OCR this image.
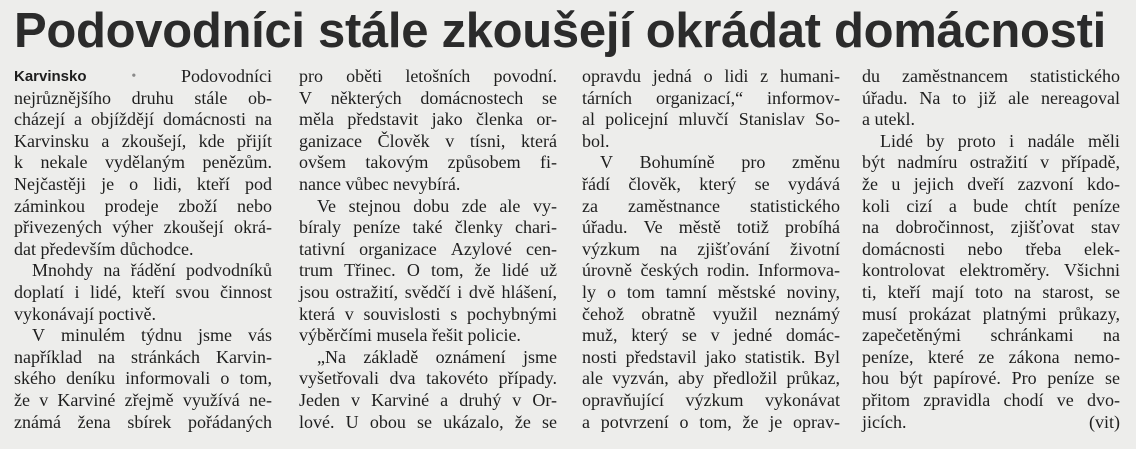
Podovodníci stále zkoušejí okrádat domácnosti
Karvinsko	• Podovodníci
nejrůznějšího druhu stále ob-
cházejí a objíždějí domácnosti na
Karvinsku a zkoušejí, kde přijít
k nekale vydělaným penězům.
Nejčastěji je o lidi, kteří pod
záminkou prodeje zboží nebo
přivezených výher zkoušejí okrá-
dat především důchodce.
Mnohdy na řádění podvodníků
doplatí i lidé, kteří svou činnost
vykonávají poctivě.
V minulém týdnu jsme vás
například na stránkách Karvin-
ského deníku informovali o tom,
že v Karviné zřejmě využívá ne-
známá žena sbírek pořádaných
pro oběti letošních povodní.
V některých domácnostech se
měla představit jako členka or-
ganizace Člověk v tísni, která
ovšem takovým způsobem fi-
nance vůbec nevybírá.
Ve stejnou dobu zde ale vy-
bíraly peníze také členky chari-
tativní organizace Azylové cen-
trum Třinec. O tom, že lidé už
jsou ostražití, svědčí i dvě hlášení,
která v souvislosti s pochybnými
výběrčími musela řešit policie.
„Na základě oznámení jsme
vyšetřovali dva takovéto případy.
Jeden v Karviné a druhý v Or-
lové. U obou se ukázalo, že se
opravdu jedná o lidi z humani-
tárních organizací,“ informov-
al policejní mluvčí Stanislav So-
bol.
V Bohumíně pro změnu
řádí člověk, který se vydává
za zaměstnance statistického
úřadu. Ve městě totiž probíhá
výzkum na zjišťování životní
úrovně českých rodin. Informova-
ly o tom tamní městské noviny,
čehož obratně využil neznámý
muž, který se v jedné domác-
nosti představil jako statistik. Byl
ale vyzván, aby předložil průkaz,
opravňující výzkum vykonávat
a potvrzení o tom, že je oprav-
du zaměstnancem statistického
úřadu. Na to již ale nereagoval
a utekl.
Lidé by proto i nadále měli
být nadmíru ostražití v případě,
že u jejich dveří zazvoní kdo-
koli cizí a bude chtít peníze
na dobročinnost, zjišťovat stav
domácnosti nebo třeba elek-
kontrolovat elektroměry. Všichni
ti, kteří mají toto na starost, se
musí prokázat platnými průkazy,
zapečetěnými schránkami na
peníze, které ze zákona nemo-
hou být papírové. Pro peníze se
přitom zpravidla chodí ve dvo-
jicích.	(vit)
